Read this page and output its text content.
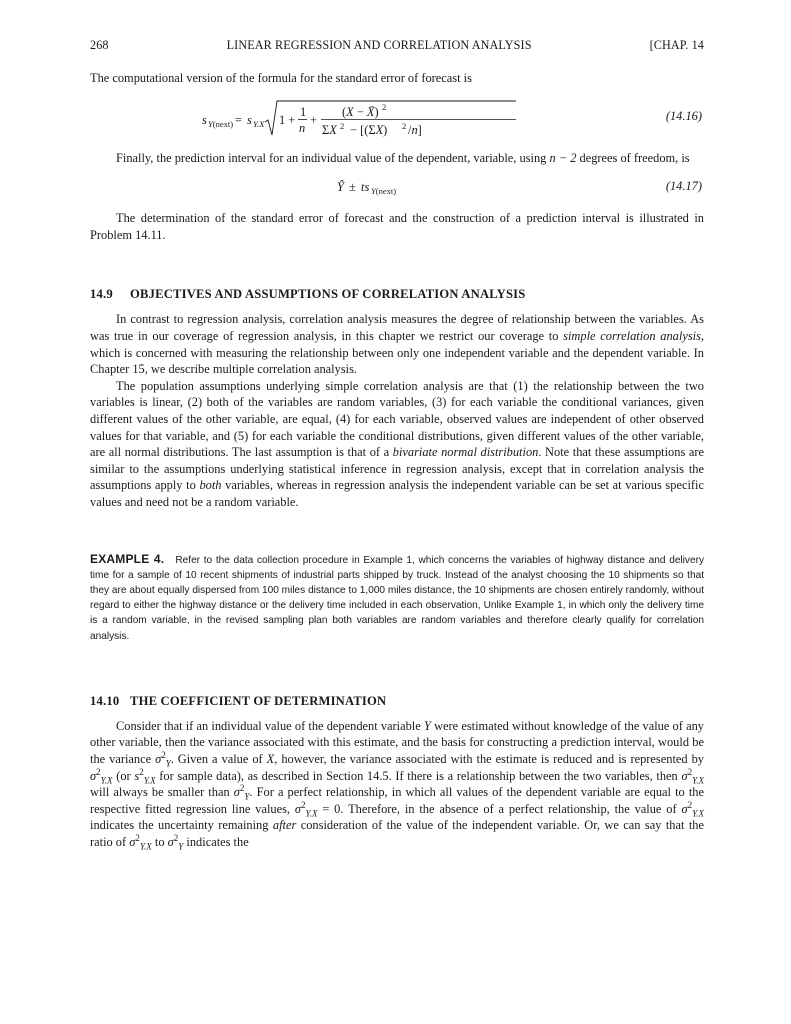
268	LINEAR REGRESSION AND CORRELATION ANALYSIS	[CHAP. 14

The computational version of the formula for the standard error of forecast is

s Y(next) = s Y.X 1 +
1
n
+
(X − X̄) 2
ΣX 2 − [(ΣX) 2 /n]
(14.16)

Finally, the prediction interval for an individual value of the dependent, variable, using n − 2 degrees of freedom, is

Ŷ ± ts Y(next)	(14.17)

The determination of the standard error of forecast and the construction of a prediction interval is illustrated in Problem 14.11.

14.9 OBJECTIVES AND ASSUMPTIONS OF CORRELATION ANALYSIS

In contrast to regression analysis, correlation analysis measures the degree of relationship between the variables. As was true in our coverage of regression analysis, in this chapter we restrict our coverage to simple correlation analysis, which is concerned with measuring the relationship between only one independent variable and the dependent variable. In Chapter 15, we describe multiple correlation analysis.

The population assumptions underlying simple correlation analysis are that (1) the relationship between the two variables is linear, (2) both of the variables are random variables, (3) for each variable the conditional variances, given different values of the other variable, are equal, (4) for each variable, observed values are independent of other observed values for that variable, and (5) for each variable the conditional distributions, given different values of the other variable, are all normal distributions. The last assumption is that of a bivariate normal distribution. Note that these assumptions are similar to the assumptions underlying statistical inference in regression analysis, except that in correlation analysis the assumptions apply to both variables, whereas in regression analysis the independent variable can be set at various specific values and need not be a random variable.

EXAMPLE 4. Refer to the data collection procedure in Example 1, which concerns the variables of highway distance and delivery time for a sample of 10 recent shipments of industrial parts shipped by truck. Instead of the analyst choosing the 10 shipments so that they are about equally dispersed from 100 miles distance to 1,000 miles distance, the 10 shipments are chosen entirely randomly, without regard to either the highway distance or the delivery time included in each observation, Unlike Example 1, in which only the delivery time is a random variable, in the revised sampling plan both variables are random variables and therefore clearly qualify for correlation analysis.

14.10 THE COEFFICIENT OF DETERMINATION

Consider that if an individual value of the dependent variable Y were estimated without knowledge of the value of any other variable, then the variance associated with this estimate, and the basis for constructing a prediction interval, would be the variance $\sigma^2_Y$. Given a value of X, however, the variance associated with the estimate is reduced and is represented by $\sigma^2_{Y.X}$ (or $s^2_{Y.X}$ for sample data), as described in Section 14.5. If there is a relationship between the two variables, then $\sigma^2_{Y.X}$ will always be smaller than $\sigma^2_Y$. For a perfect relationship, in which all values of the dependent variable are equal to the respective fitted regression line values, $\sigma^2_{Y.X} = 0$. Therefore, in the absence of a perfect relationship, the value of $\sigma^2_{Y.X}$ indicates the uncertainty remaining after consideration of the value of the independent variable. Or, we can say that the ratio of $\sigma^2_{Y.X}$ to $\sigma^2_Y$ indicates the
